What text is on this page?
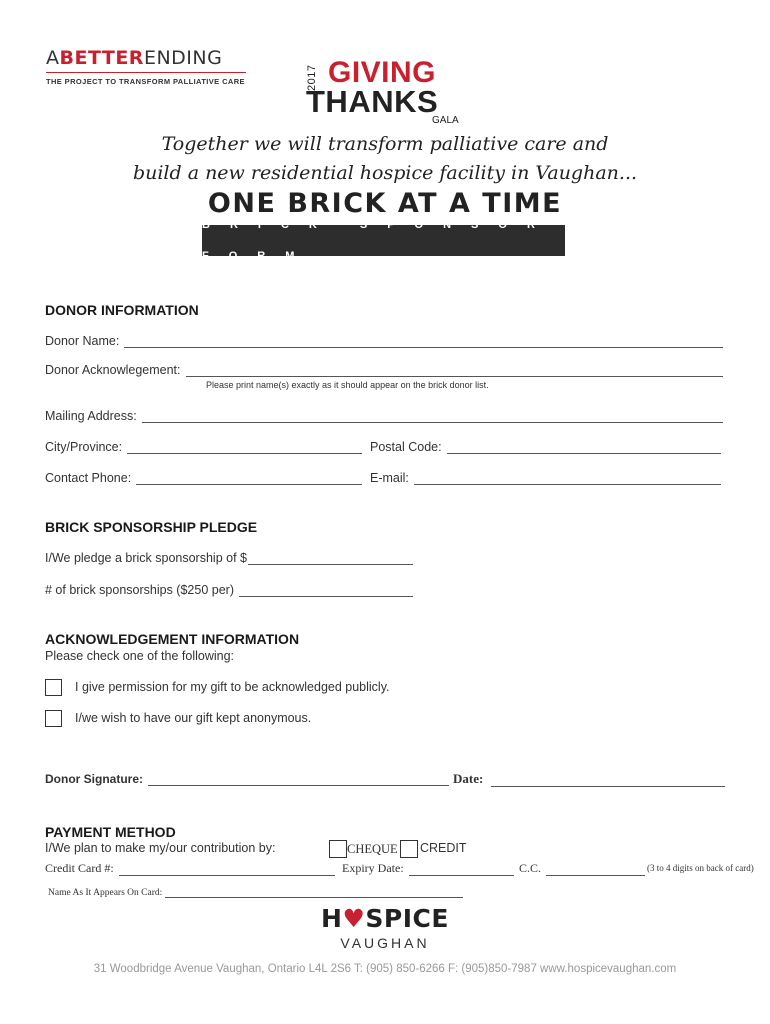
ABETTERENDING
THE PROJECT TO TRANSFORM PALLIATIVE CARE	2017 GIVING
THANKS
GALA
Together we will transform palliative care and
build a new residential hospice facility in Vaughan...
ONE BRICK AT A TIME
BRICK SPONSOR FORM
DONOR INFORMATION
Donor Name:
Donor Acknowlegement:
Please print name(s) exactly as it should appear on the brick donor list.
Mailing Address:
City/Province:	Postal Code:
Contact Phone:	E-mail:
BRICK SPONSORSHIP PLEDGE
I/We pledge a brick sponsorship of $
# of brick sponsorships ($250 per)
ACKNOWLEDGEMENT INFORMATION
Please check one of the following:
I give permission for my gift to be acknowledged publicly.
I/we wish to have our gift kept anonymous.
Donor Signature:	Date:
PAYMENT METHOD
I/We plan to make my/our contribution by:	CHEQUE CREDIT
Credit Card #:	Expiry Date:	C.C.	(3 to 4 digits on back of card)
Name As It Appears On Card:
H♥SPICE
VAUGHAN
31 Woodbridge Avenue Vaughan, Ontario L4L 2S6 T: (905) 850-6266 F: (905)850-7987 www.hospicevaughan.com
